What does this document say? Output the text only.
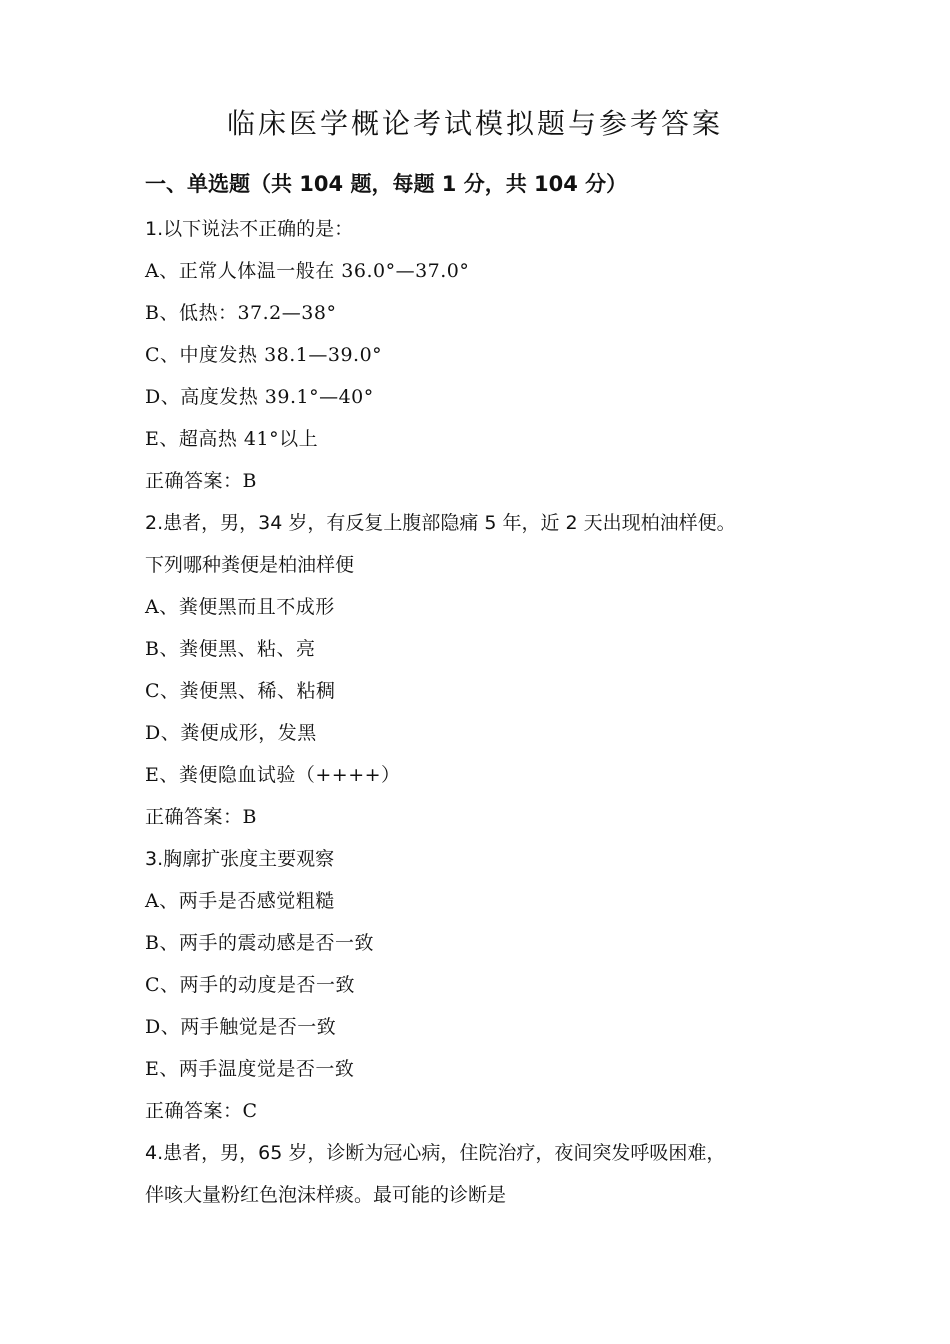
临床医学概论考试模拟题与参考答案
一、单选题（共 104 题，每题 1 分，共 104 分）
1.以下说法不正确的是：
A、正常人体温一般在 36.0°—37.0°
B、低热：37.2—38°
C、中度发热 38.1—39.0°
D、高度发热 39.1°—40°
E、超高热 41°以上
正确答案：B
2.患者，男，34 岁，有反复上腹部隐痛 5 年，近 2 天出现柏油样便。
下列哪种粪便是柏油样便
A、粪便黑而且不成形
B、粪便黑、粘、亮
C、粪便黑、稀、粘稠
D、粪便成形，发黑
E、粪便隐血试验（++++）
正确答案：B
3.胸廓扩张度主要观察
A、两手是否感觉粗糙
B、两手的震动感是否一致
C、两手的动度是否一致
D、两手触觉是否一致
E、两手温度觉是否一致
正确答案：C
4.患者，男，65 岁，诊断为冠心病，住院治疗，夜间突发呼吸困难，
伴咳大量粉红色泡沫样痰。最可能的诊断是
